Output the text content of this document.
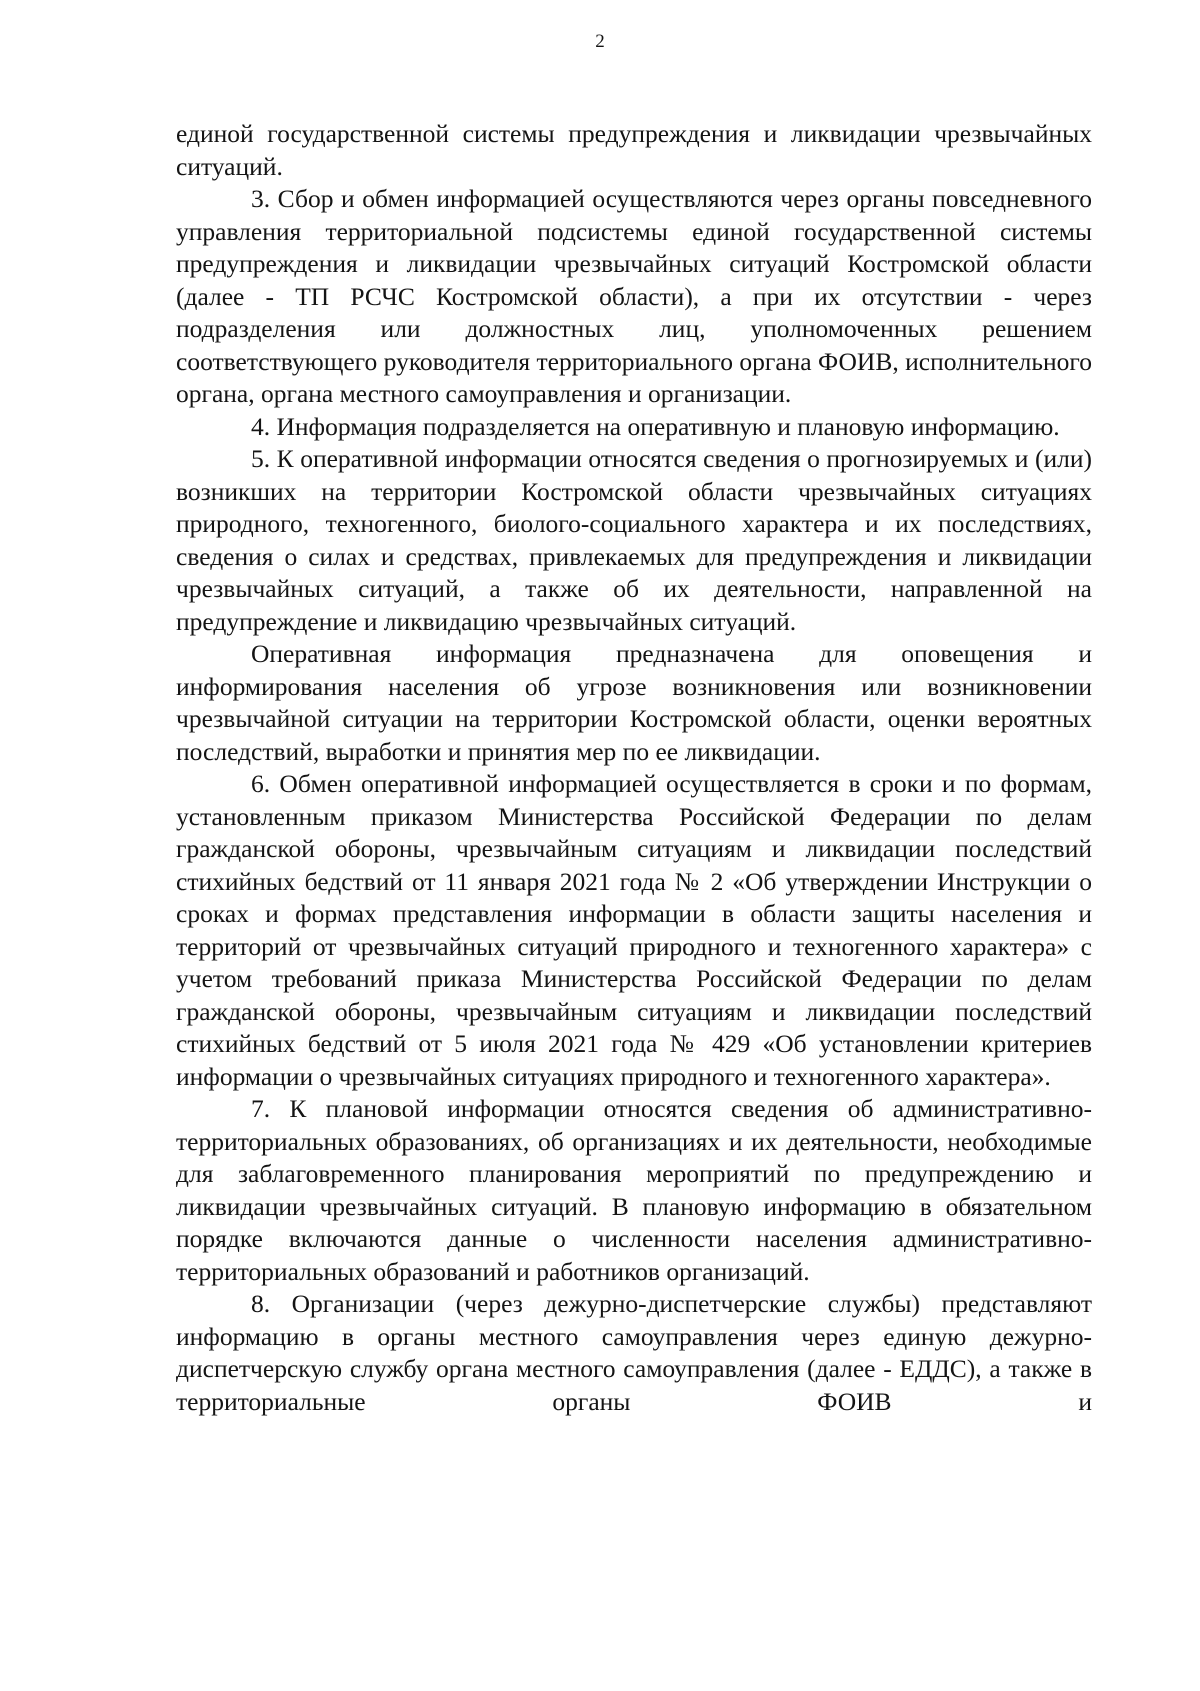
2

единой государственной системы предупреждения и ликвидации чрезвычайных ситуаций.

3. Сбор и обмен информацией осуществляются через органы повседневного управления территориальной подсистемы единой государственной системы предупреждения и ликвидации чрезвычайных ситуаций Костромской области (далее - ТП РСЧС Костромской области), а при их отсутствии - через подразделения или должностных лиц, уполномоченных решением соответствующего руководителя территориального органа ФОИВ, исполнительного органа, органа местного самоуправления и организации.

4. Информация подразделяется на оперативную и плановую информацию.

5. К оперативной информации относятся сведения о прогнозируемых и (или) возникших на территории Костромской области чрезвычайных ситуациях природного, техногенного, биолого-социального характера и их последствиях, сведения о силах и средствах, привлекаемых для предупреждения и ликвидации чрезвычайных ситуаций, а также об их деятельности, направленной на предупреждение и ликвидацию чрезвычайных ситуаций.

Оперативная информация предназначена для оповещения и информирования населения об угрозе возникновения или возникновении чрезвычайной ситуации на территории Костромской области, оценки вероятных последствий, выработки и принятия мер по ее ликвидации.

6. Обмен оперативной информацией осуществляется в сроки и по формам, установленным приказом Министерства Российской Федерации по делам гражданской обороны, чрезвычайным ситуациям и ликвидации последствий стихийных бедствий от 11 января 2021 года № 2 «Об утверждении Инструкции о сроках и формах представления информации в области защиты населения и территорий от чрезвычайных ситуаций природного и техногенного характера» с учетом требований приказа Министерства Российской Федерации по делам гражданской обороны, чрезвычайным ситуациям и ликвидации последствий стихийных бедствий от 5 июля 2021 года № 429 «Об установлении критериев информации о чрезвычайных ситуациях природного и техногенного характера».

7. К плановой информации относятся сведения об административно-территориальных образованиях, об организациях и их деятельности, необходимые для заблаговременного планирования мероприятий по предупреждению и ликвидации чрезвычайных ситуаций. В плановую информацию в обязательном порядке включаются данные о численности населения административно-территориальных образований и работников организаций.

8. Организации (через дежурно-диспетчерские службы) представляют информацию в органы местного самоуправления через единую дежурно-диспетчерскую службу органа местного самоуправления (далее - ЕДДС), а также в территориальные органы ФОИВ и
